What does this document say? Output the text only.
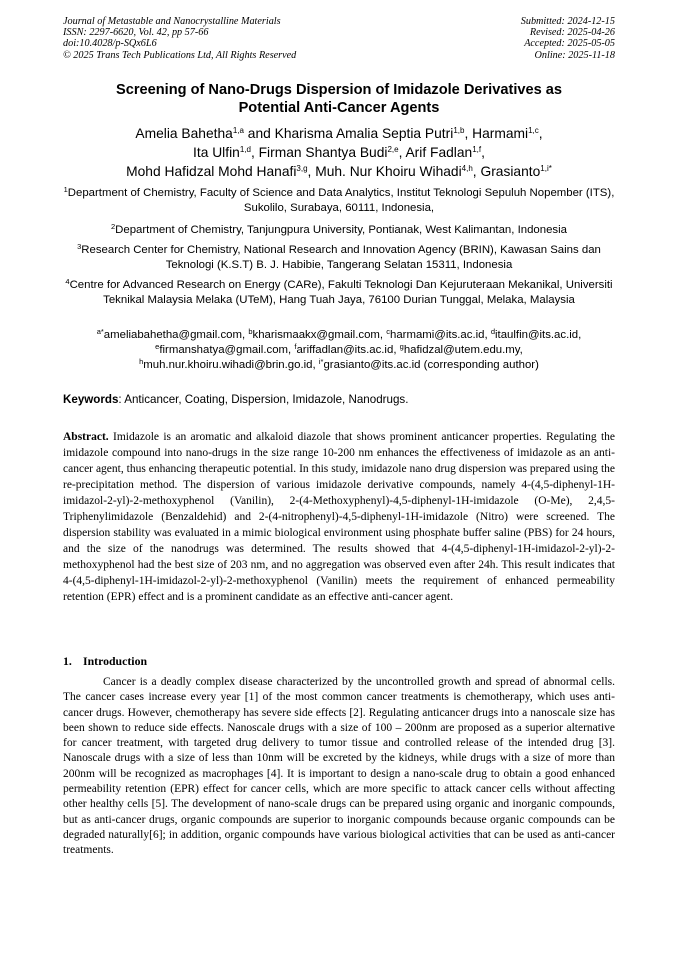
Journal of Metastable and Nanocrystalline Materials
ISSN: 2297-6620, Vol. 42, pp 57-66
doi:10.4028/p-SQx6L6
© 2025 Trans Tech Publications Ltd, All Rights Reserved
Submitted: 2024-12-15
Revised: 2025-04-26
Accepted: 2025-05-05
Online: 2025-11-18
Screening of Nano-Drugs Dispersion of Imidazole Derivatives as
Potential Anti-Cancer Agents
Amelia Bahetha$^{1,a}$ and Kharisma Amalia Septia Putri$^{1,b}$, Harmami$^{1,c}$,
Ita Ulfin$^{1,d}$, Firman Shantya Budi$^{2,e}$, Arif Fadlan$^{1,f}$,
Mohd Hafidzal Mohd Hanafi$^{3,g}$, Muh. Nur Khoiru Wihadi$^{4,h}$, Grasianto$^{1,i*}$
$^1$Department of Chemistry, Faculty of Science and Data Analytics, Institut Teknologi Sepuluh Nopember (ITS), Sukolilo, Surabaya, 60111, Indonesia,
$^2$Department of Chemistry, Tanjungpura University, Pontianak, West Kalimantan, Indonesia
$^3$Research Center for Chemistry, National Research and Innovation Agency (BRIN), Kawasan Sains dan Teknologi (K.S.T) B. J. Habibie, Tangerang Selatan 15311, Indonesia
$^4$Centre for Advanced Research on Energy (CARe), Fakulti Teknologi Dan Kejuruteraan Mekanikal, Universiti Teknikal Malaysia Melaka (UTeM), Hang Tuah Jaya, 76100 Durian Tunggal, Melaka, Malaysia
$^{a*}$ameliabahetha@gmail.com, $^b$kharismaakx@gmail.com, $^c$harmami@its.ac.id, $^d$itaulfin@its.ac.id,
$^e$firmanshatya@gmail.com, $^f$ariffadlan@its.ac.id, $^g$hafidzal@utem.edu.my,
$^h$muh.nur.khoiru.wihadi@brin.go.id, $^{i*}$grasianto@its.ac.id (corresponding author)
Keywords: Anticancer, Coating, Dispersion, Imidazole, Nanodrugs.
Abstract. Imidazole is an aromatic and alkaloid diazole that shows prominent anticancer properties. Regulating the imidazole compound into nano-drugs in the size range 10-200 nm enhances the effectiveness of imidazole as an anti-cancer agent, thus enhancing therapeutic potential. In this study, imidazole nano drug dispersion was prepared using the re-precipitation method. The dispersion of various imidazole derivative compounds, namely 4-(4,5-diphenyl-1H-imidazol-2-yl)-2-methoxyphenol (Vanilin), 2-(4-Methoxyphenyl)-4,5-diphenyl-1H-imidazole (O-Me), 2,4,5-Triphenylimidazole (Benzaldehid) and 2-(4-nitrophenyl)-4,5-diphenyl-1H-imidazole (Nitro) were screened. The dispersion stability was evaluated in a mimic biological environment using phosphate buffer saline (PBS) for 24 hours, and the size of the nanodrugs was determined. The results showed that 4-(4,5-diphenyl-1H-imidazol-2-yl)-2-methoxyphenol had the best size of 203 nm, and no aggregation was observed even after 24h. This result indicates that 4-(4,5-diphenyl-1H-imidazol-2-yl)-2-methoxyphenol (Vanilin) meets the requirement of enhanced permeability retention (EPR) effect and is a prominent candidate as an effective anti-cancer agent.
1. Introduction

Cancer is a deadly complex disease characterized by the uncontrolled growth and spread of abnormal cells. The cancer cases increase every year [1] of the most common cancer treatments is chemotherapy, which uses anti-cancer drugs. However, chemotherapy has severe side effects [2]. Regulating anticancer drugs into a nanoscale size has been shown to reduce side effects. Nanoscale drugs with a size of 100 – 200nm are proposed as a superior alternative for cancer treatment, with targeted drug delivery to tumor tissue and controlled release of the intended drug [3]. Nanoscale drugs with a size of less than 10nm will be excreted by the kidneys, while drugs with a size of more than 200nm will be recognized as macrophages [4]. It is important to design a nano-scale drug to obtain a good enhanced permeability retention (EPR) effect for cancer cells, which are more specific to attack cancer cells without affecting other healthy cells [5]. The development of nano-scale drugs can be prepared using organic and inorganic compounds, but as anti-cancer drugs, organic compounds are superior to inorganic compounds because organic compounds can be degraded naturally[6]; in addition, organic compounds have various biological activities that can be used as anti-cancer treatments.
